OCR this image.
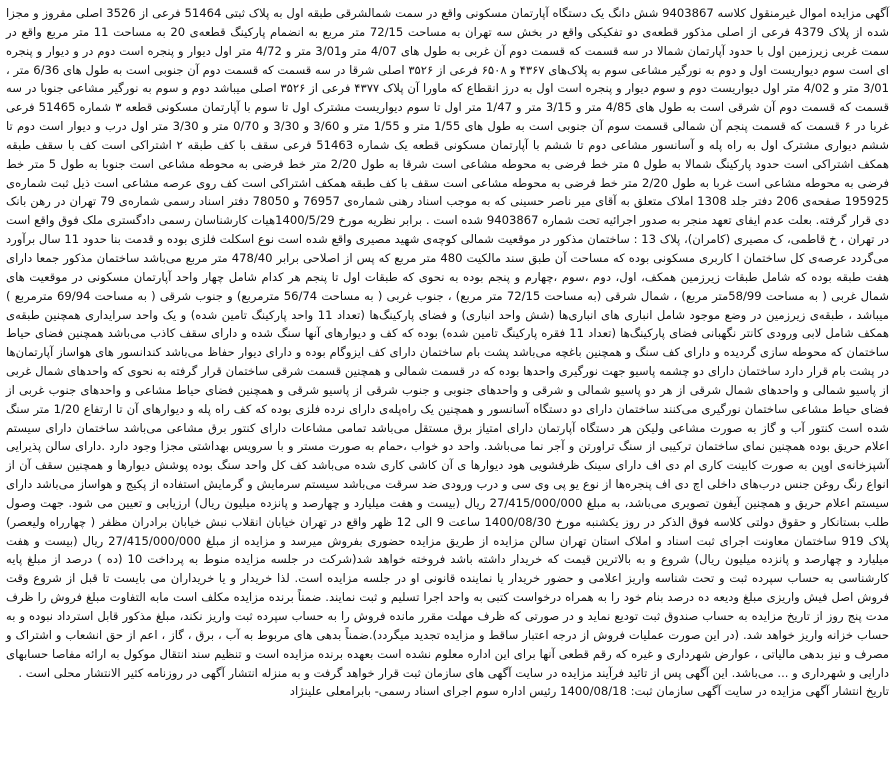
آگهی مزایده اموال غیرمنقول کلاسه 9403867 شش دانگ یک دستگاه آپارتمان مسکونی واقع در سمت شمالشرقی طبقه اول به پلاک ثبتی 51464 فرعی از 3526 اصلی مفروز و مجزا شده از پلاک 4379 فرعی از اصلی مذکور قطعه‌ی دو تفکیکی واقع در بخش سه تهران به مساحت 72/15 متر مربع به انضمام پارکینگ قطعه‌ی 20 به مساحت 11 متر مربع واقع در سمت غربی زیرزمین اول با حدود آپارتمان شمالا در سه قسمت که قسمت دوم آن غربی به طول های 4/07 متر و3/01 متر و 4/72 متر اول دیوار و پنجره است دوم در و دیوار و پنجره ای است سوم دیواریست اول و دوم به نورگیر مشاعی سوم به پلاک‌های ۴۳۶۷ و ۶۵۰۸ فرعی از ۳۵۲۶ اصلی شرقا در سه قسمت که قسمت دوم آن جنوبی است به طول های 6/36 متر ، 3/01 متر و 4/02 متر اول دیواریست دوم و سوم دیوار و پنجره است اول به درز انقطاع که ماورا آن پلاک ۴۳۷۷ فرعی از ۳۵۲۶ اصلی میباشد دوم و سوم به نورگیر مشاعی جنوبا در سه قسمت که قسمت دوم آن شرقی است به طول های 4/85 متر و 3/15 متر و 1/47 متر اول تا سوم دیواریست مشترک اول تا سوم با آپارتمان مسکونی قطعه ۳ شماره 51465 فرعی غربا در ۶ قسمت که قسمت پنجم آن شمالی قسمت سوم آن جنوبی است به طول های 1/55 متر و 1/55 متر و 3/60 و 3/30 و 0/70 متر و 3/30 متر اول درب و دیوار است دوم تا ششم دیواری مشترک اول به راه پله و آسانسور مشاعی دوم تا ششم با آپارتمان مسکونی قطعه یک شماره 51463 فرعی سقف با کف طبقه ۲ اشتراکی است کف با سقف طبقه همکف اشتراکی است حدود پارکینگ شمالا به طول ۵ متر خط فرضی به محوطه مشاعی است شرقا به طول 2/20 متر خط فرضی به محوطه مشاعی است جنوبا به طول 5 متر خط فرضی به محوطه مشاعی است غربا به طول 2/20 متر خط فرضی به محوطه مشاعی است سقف با کف طبقه همکف اشتراکی است کف روی عرصه مشاعی است ذیل ثبت شماره‌ی 195925 صفحه‌ی 206 دفتر جلد 1308 املاک متعلق به آقای میر ناصر حسینی که به موجب اسناد رهنی شماره‌ی 76957 و 78050 دفتر اسناد رسمی شماره‌ی 79 تهران در رهن بانک دی قرار گرفته. بعلت عدم ایفای تعهد منجر به صدور اجرائیه تحت شماره 9403867 شده است . برابر نظریه مورخ 1400/5/29هیات کارشناسان رسمی دادگستری ملک فوق واقع است در تهران ، خ قاطمی، ک مصیری (کامران)، پلاک 13 : ساختمان مذکور در موقعیت شمالی کوچه‌ی شهید مصیری واقع شده است نوع اسکلت فلزی بوده و قدمت بنا حدود 11 سال برآورد می‌گردد عرصه‌ی کل ساختمان ا کاربری مسکونی بوده که مساحت آن طبق سند مالکیت 480 متر مربع که پس از اصلاحی برابر 478/40 متر مربع می‌باشد ساختمان مذکور جمعا دارای هفت طبقه بوده که شامل طبقات زیرزمین همکف، اول، دوم ،سوم ،چهارم و پنجم بوده به نحوی که طبقات اول تا پنجم هر کدام شامل چهار واحد آپارتمان مسکونی در موقعیت های شمال غربی ( به مساحت 58/99متر مربع) ، شمال شرقی (به مساحت 72/15 متر مربع) ، جنوب غربی ( به مساحت 56/74 مترمربع) و جنوب شرقی ( به مساحت 69/94 مترمربع ) میباشد ، طبقه‌ی زیرزمین در وضع موجود شامل انباری های انباری‌ها (شش واحد انباری) و فضای پارکینگ‌ها (تعداد 11 واحد پارکینگ تامین شده) و یک واحد سرایداری همچنین طبقه‌ی همکف شامل لابی ورودی کانتر نگهبانی فضای پارکینگ‌ها (تعداد 11 فقره پارکینگ تامین شده) بوده که کف و دیوارهای آنها سنگ شده و دارای سقف کاذب می‌باشد همچنین فضای حیاط ساختمان که محوطه سازی گردیده و دارای کف سنگ و همچنین باغچه می‌باشد پشت بام ساختمان دارای کف ایزوگام بوده و دارای دیوار حفاظ می‌باشد کندانسور های هواساز آپارتمان‌ها در پشت بام قرار دارد ساختمان دارای دو چشمه پاسیو جهت نورگیری واحدها بوده که در قسمت شمالی و همچنین قسمت شرقی ساختمان قرار گرفته به نحوی که واحدهای شمال غربی از پاسیو شمالی و واحدهای شمال شرقی از هر دو پاسیو شمالی و شرقی و واحدهای جنوبی و جنوب شرقی از پاسیو شرقی و همچنین فضای حیاط مشاعی و واحدهای جنوب غربی از فضای حیاط مشاعی ساختمان نورگیری می‌کنند ساختمان دارای دو دستگاه آسانسور و همچنین یک راه‌پله‌ی دارای نرده فلزی بوده که کف راه پله و دیوارهای آن تا ارتفاع 1/20 متر سنگ شده است کنتور آب و گاز به صورت مشاعی ولیکن هر دستگاه آپارتمان دارای امتیاز برق مستقل می‌باشد تمامی مشاعات دارای کنتور برق مشاعی می‌باشد ساختمان دارای سیستم اعلام حریق بوده همچنین نمای ساختمان ترکیبی از سنگ تراورتن و آجر نما می‌باشد. واحد دو خواب ،حمام به صورت مستر و با سرویس بهداشتی مجزا وجود دارد .دارای سالن پذیرایی آشپزخانه‌ی اوپن به صورت کابینت کاری ام دی اف دارای سینک ظرفشویی هود دیوارها ی آن کاشی کاری شده می‌باشد کف کل واحد سنگ بوده پوشش دیوارها و همچنین سقف آن از انواع رنگ روغن جنس درب‌های داخلی اچ دی اف پنجره‌ها از نوع یو پی وی سی و درب ورودی ضد سرقت می‌باشد سیستم سرمایش و گرمایش استفاده از پکیج و هواساز می‌باشد دارای سیستم اعلام حریق و همچنین آیفون تصویری می‌باشد، به مبلغ 27/415/000/000 ریال (بیست و هفت میلیارد و چهارصد و پانزده میلیون ریال) ارزیابی و تعیین می شود. جهت وصول طلب بستانکار و حقوق دولتی کلاسه فوق الذکر در روز یکشنبه مورخ 1400/08/30 ساعت 9 الی 12 ظهر واقع در تهران خیابان انقلاب نبش خیابان برادران مظفر ( چهارراه ولیعصر) پلاک 919 ساختمان معاونت اجرای ثبت اسناد و املاک استان تهران سالن مزایده از طریق مزایده حضوری بفروش میرسد و مزایده از مبلغ 27/415/000/000 ریال (بیست و هفت میلیارد و چهارصد و پانزده میلیون ریال) شروع و به بالاترین قیمت که خریدار داشته باشد فروخته خواهد شد(شرکت در جلسه مزایده منوط به پرداخت 10 (ده ) درصد از مبلغ پایه کارشناسی به حساب سپرده ثبت و تحت شناسه واریز اعلامی و حضور خریدار یا نماینده قانونی او در جلسه مزایده است. لذا خریدار و یا خریداران می بایست تا قبل از شروع وقت فروش اصل فیش واریزی مبلغ ودیعه ده درصد بنام خود را به همراه درخواست کتبی به واحد اجرا تسلیم و ثبت نمایند. ضمناً برنده مزایده مکلف است مابه التفاوت مبلغ فروش را ظرف مدت پنج روز از تاریخ مزایده به حساب صندوق ثبت تودیع نماید و در صورتی که ظرف مهلت مقرر مانده فروش را به حساب سپرده ثبت واریز نکند، مبلغ مذکور قابل استرداد نبوده و به حساب خزانه واریز خواهد شد. (در این صورت عملیات فروش از درجه اعتبار ساقط و مزایده تجدید میگردد).ضمناً بدهی های مربوط به آب ، برق ، گاز ، اعم از حق انشعاب و اشتراک و مصرف و نیز بدهی مالیاتی ، عوارض شهرداری و غیره که رقم قطعی آنها برای این اداره معلوم نشده است بعهده برنده مزایده است و تنظیم سند انتقال موکول به ارائه مفاصا حسابهای دارایی و شهرداری و ... می‌باشد. این آگهی پس از تائید فرآیند مزایده در سایت آگهی های سازمان ثبت قرار خواهد گرفت و به منزله انتشار آگهی در روزنامه کثیر الانتشار محلی است .

تاریخ انتشار آگهی مزایده در سایت آگهی سازمان ثبت: 1400/08/18 رئیس اداره سوم اجرای اسناد رسمی- بابرامعلی علینژاد
